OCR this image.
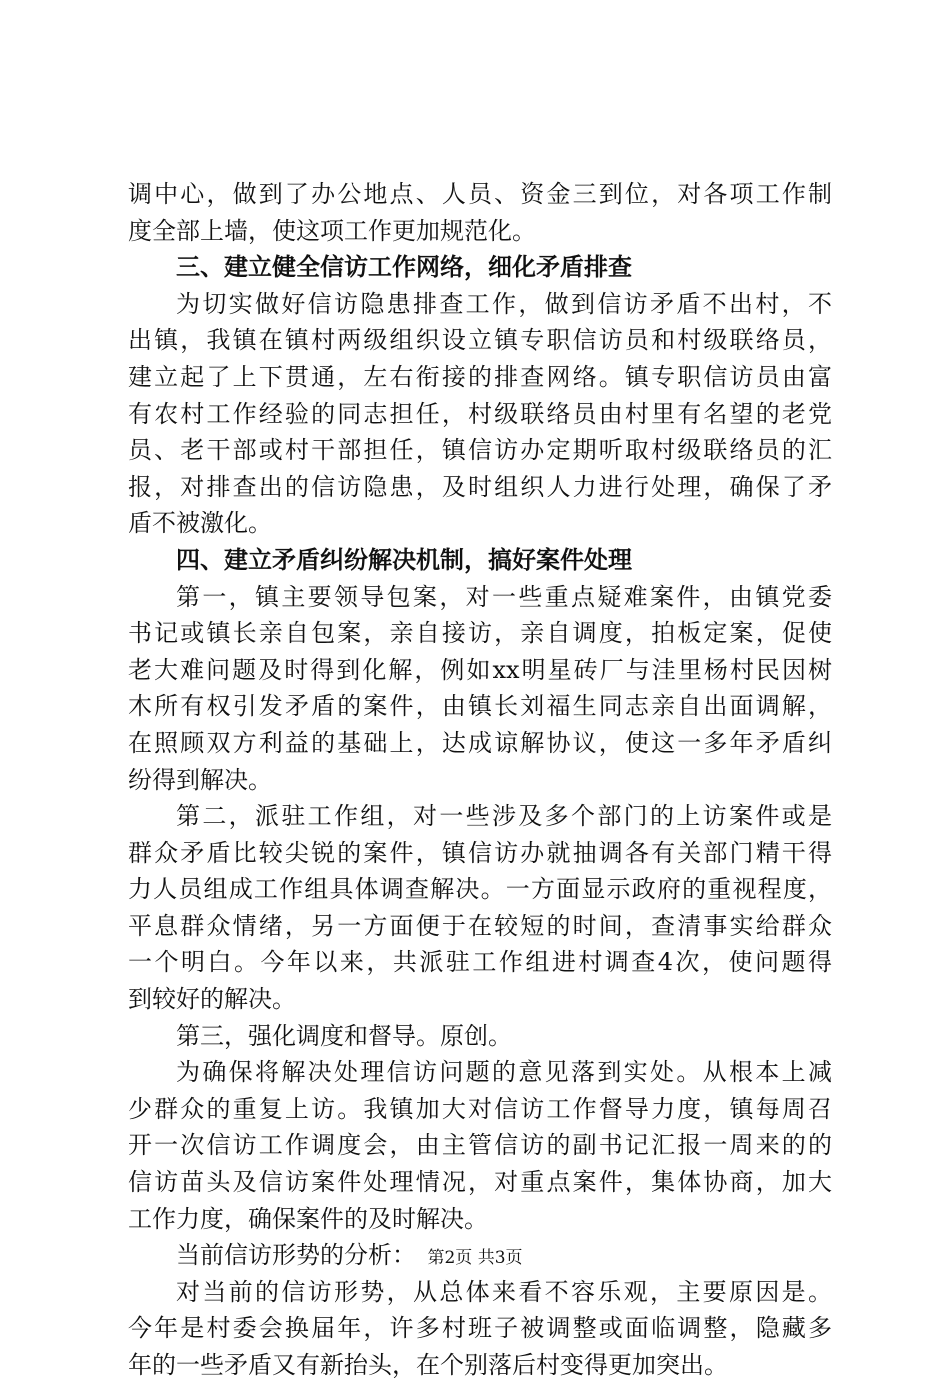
调中心，做到了办公地点、人员、资金三到位，对各项工作制
度全部上墙，使这项工作更加规范化。
三、建立健全信访工作网络，细化矛盾排查
为切实做好信访隐患排查工作，做到信访矛盾不出村，不
出镇，我镇在镇村两级组织设立镇专职信访员和村级联络员，
建立起了上下贯通，左右衔接的排查网络。镇专职信访员由富
有农村工作经验的同志担任，村级联络员由村里有名望的老党
员、老干部或村干部担任，镇信访办定期听取村级联络员的汇
报，对排查出的信访隐患，及时组织人力进行处理，确保了矛
盾不被激化。
四、建立矛盾纠纷解决机制，搞好案件处理
第一，镇主要领导包案，对一些重点疑难案件，由镇党委
书记或镇长亲自包案，亲自接访，亲自调度，拍板定案，促使
老大难问题及时得到化解，例如xx明星砖厂与洼里杨村民因树
木所有权引发矛盾的案件，由镇长刘福生同志亲自出面调解，
在照顾双方利益的基础上，达成谅解协议，使这一多年矛盾纠
纷得到解决。
第二，派驻工作组，对一些涉及多个部门的上访案件或是
群众矛盾比较尖锐的案件，镇信访办就抽调各有关部门精干得
力人员组成工作组具体调查解决。一方面显示政府的重视程度，
平息群众情绪，另一方面便于在较短的时间，查清事实给群众
一个明白。今年以来，共派驻工作组进村调查4次，使问题得
到较好的解决。
第三，强化调度和督导。原创。
为确保将解决处理信访问题的意见落到实处。从根本上减
少群众的重复上访。我镇加大对信访工作督导力度，镇每周召
开一次信访工作调度会，由主管信访的副书记汇报一周来的的
信访苗头及信访案件处理情况，对重点案件，集体协商，加大
工作力度，确保案件的及时解决。
当前信访形势的分析：
对当前的信访形势，从总体来看不容乐观，主要原因是。
今年是村委会换届年，许多村班子被调整或面临调整，隐藏多
年的一些矛盾又有新抬头，在个别落后村变得更加突出。
第2页 共3页
